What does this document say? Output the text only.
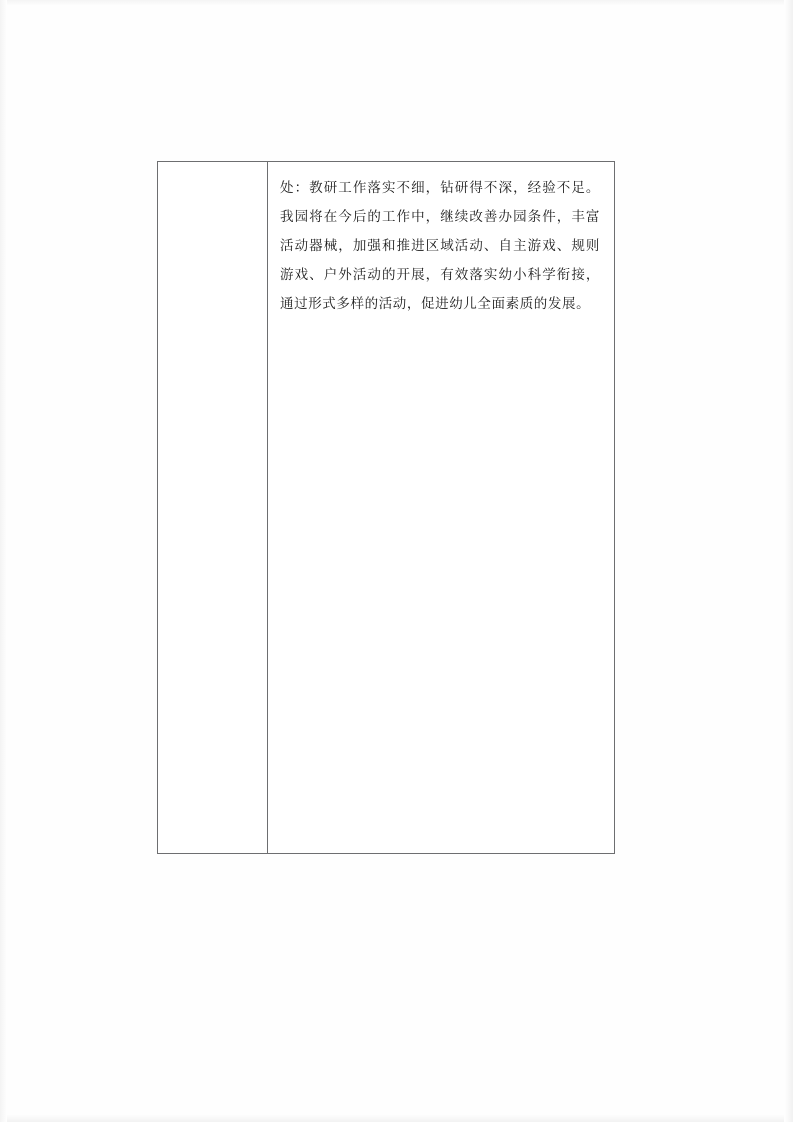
处：教研工作落实不细，钻研得不深，经验不足。 我园将在今后的工作中，继续改善办园条件，丰富活动器械，加强和推进区域活动、自主游戏、规则游戏、户外活动的开展，有效落实幼小科学衔接，通过形式多样的活动，促进幼儿全面素质的发展。
